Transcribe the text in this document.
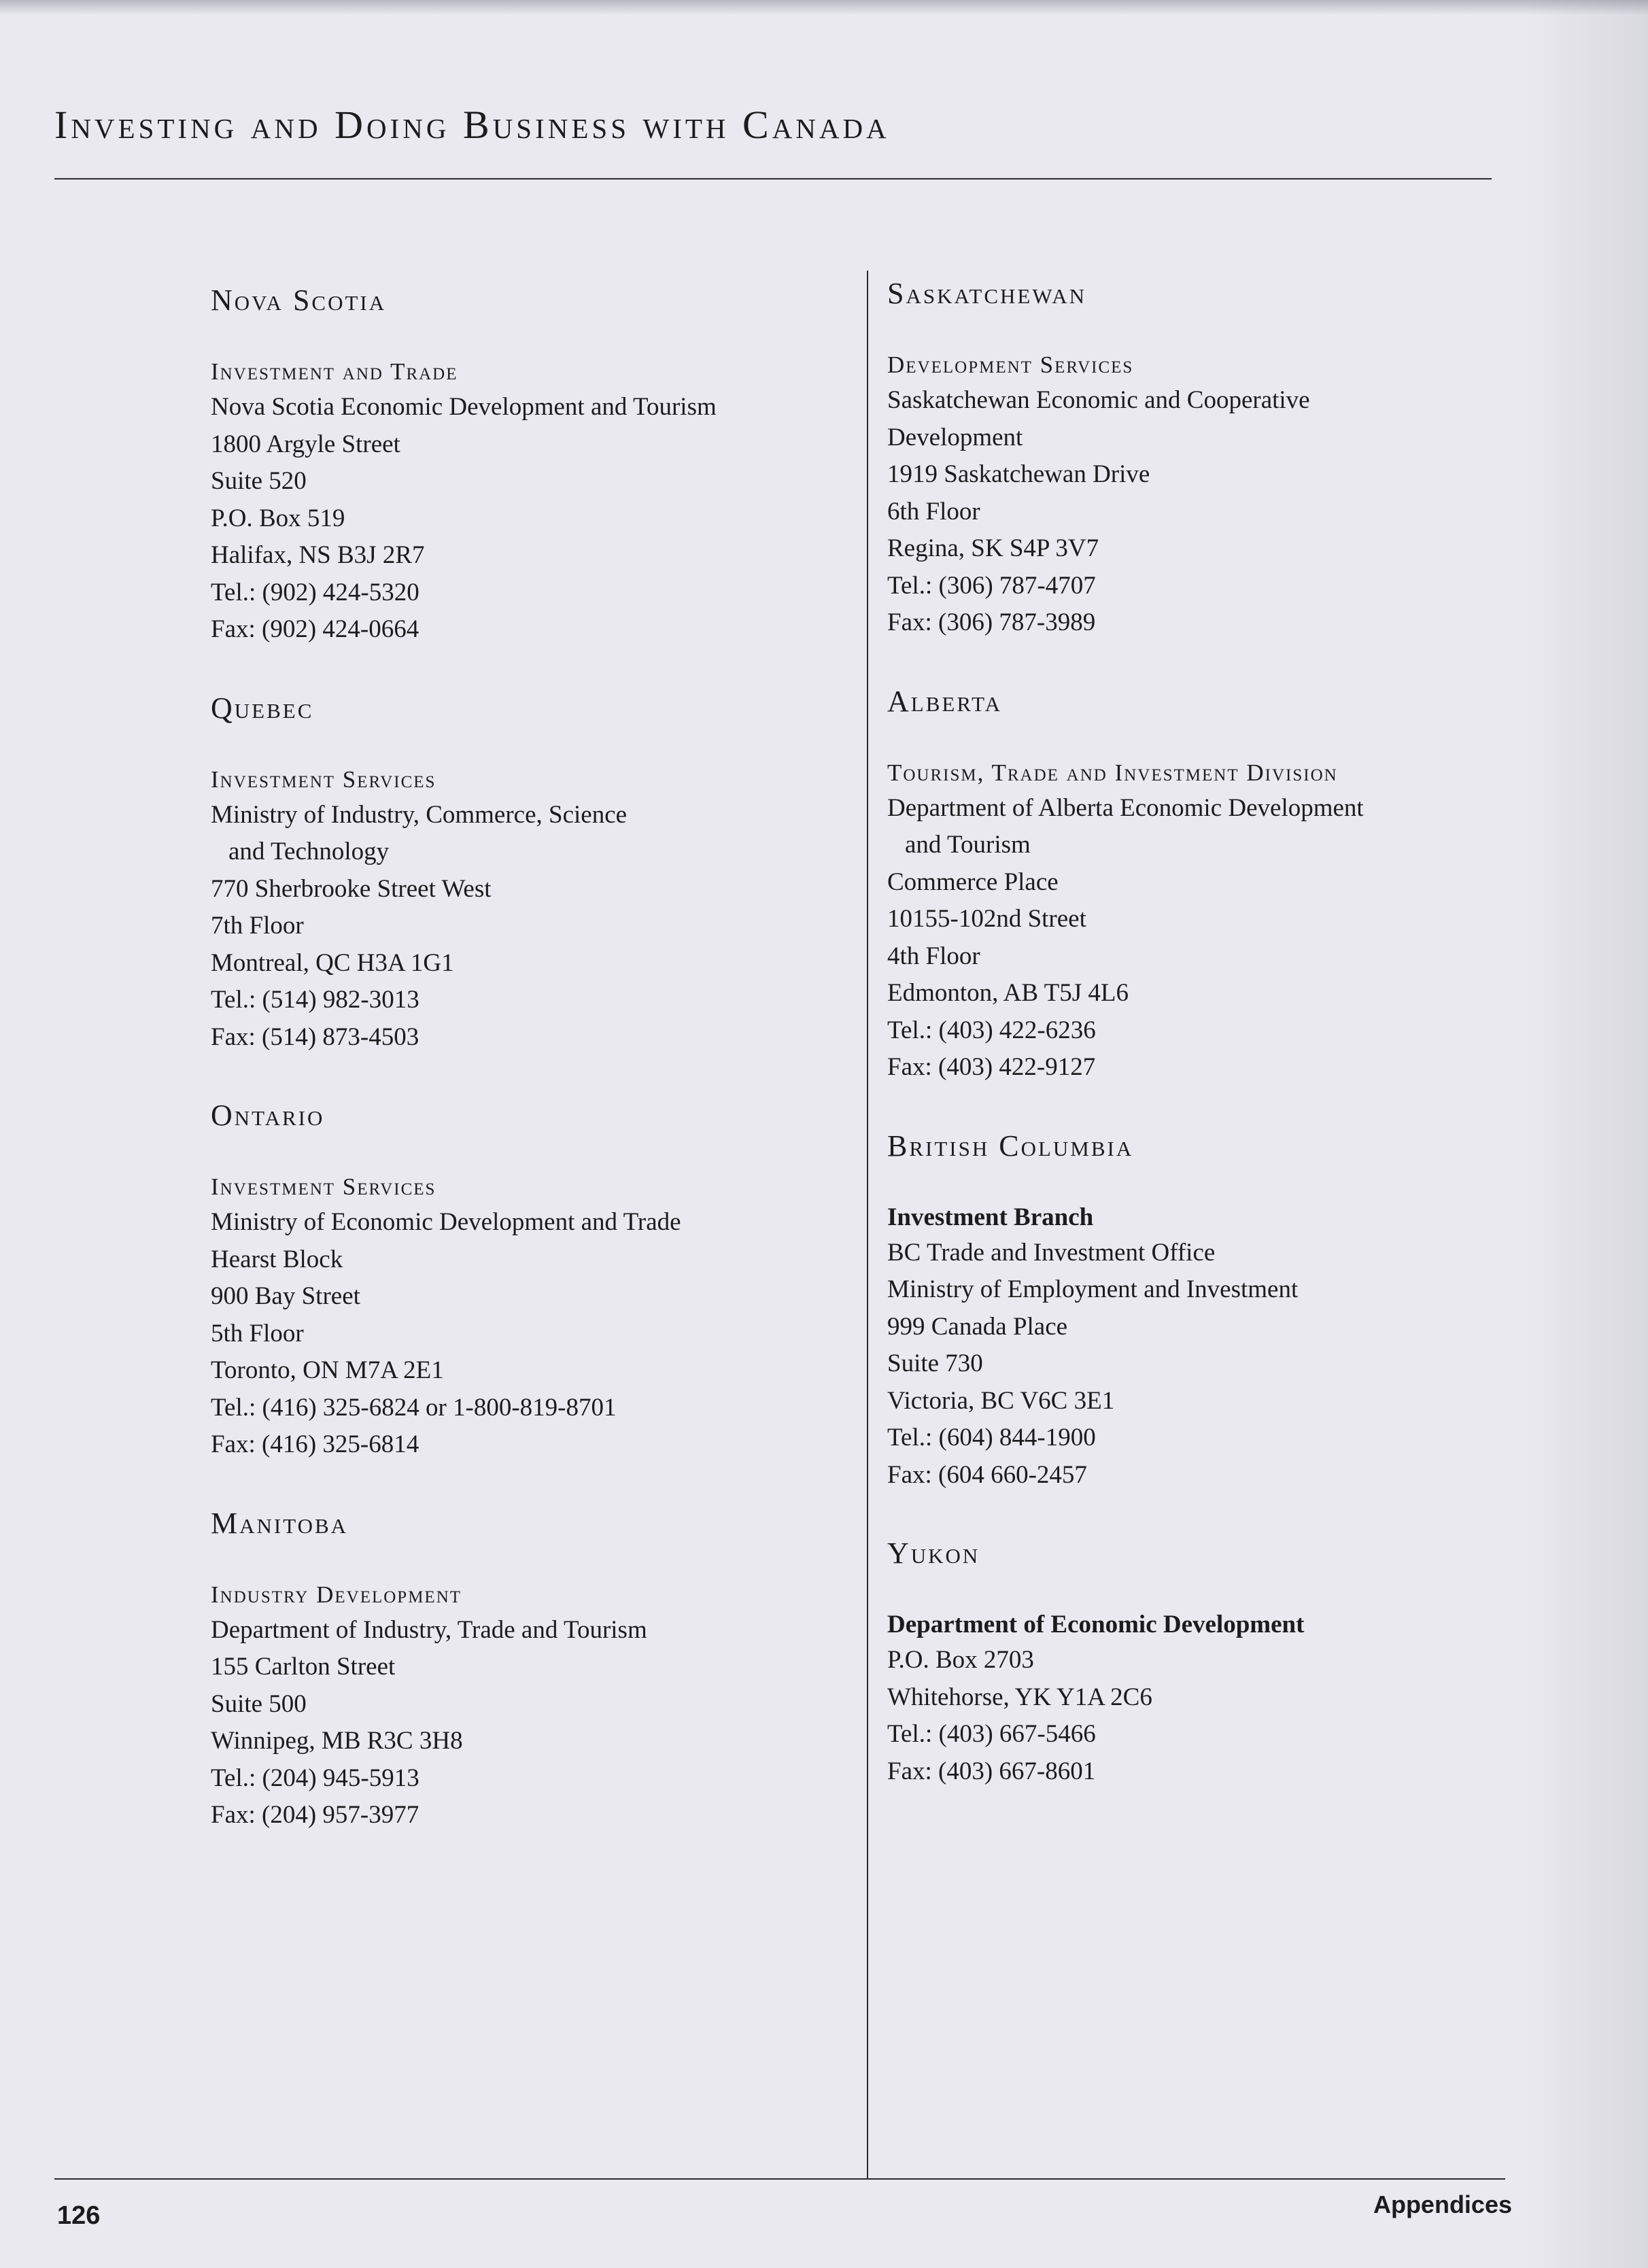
Investing and Doing Business with Canada
Nova Scotia
Investment and Trade
Nova Scotia Economic Development and Tourism
1800 Argyle Street
Suite 520
P.O. Box 519
Halifax, NS B3J 2R7
Tel.: (902) 424-5320
Fax: (902) 424-0664
Quebec
Investment Services
Ministry of Industry, Commerce, Science
and Technology
770 Sherbrooke Street West
7th Floor
Montreal, QC H3A 1G1
Tel.: (514) 982-3013
Fax: (514) 873-4503
Ontario
Investment Services
Ministry of Economic Development and Trade
Hearst Block
900 Bay Street
5th Floor
Toronto, ON M7A 2E1
Tel.: (416) 325-6824 or 1-800-819-8701
Fax: (416) 325-6814
Manitoba
Industry Development
Department of Industry, Trade and Tourism
155 Carlton Street
Suite 500
Winnipeg, MB R3C 3H8
Tel.: (204) 945-5913
Fax: (204) 957-3977
Saskatchewan
Development Services
Saskatchewan Economic and Cooperative
Development
1919 Saskatchewan Drive
6th Floor
Regina, SK S4P 3V7
Tel.: (306) 787-4707
Fax: (306) 787-3989
Alberta
Tourism, Trade and Investment Division
Department of Alberta Economic Development
and Tourism
Commerce Place
10155-102nd Street
4th Floor
Edmonton, AB T5J 4L6
Tel.: (403) 422-6236
Fax: (403) 422-9127
British Columbia
Investment Branch
BC Trade and Investment Office
Ministry of Employment and Investment
999 Canada Place
Suite 730
Victoria, BC V6C 3E1
Tel.: (604) 844-1900
Fax: (604 660-2457
Yukon
Department of Economic Development
P.O. Box 2703
Whitehorse, YK Y1A 2C6
Tel.: (403) 667-5466
Fax: (403) 667-8601
126	Appendices
